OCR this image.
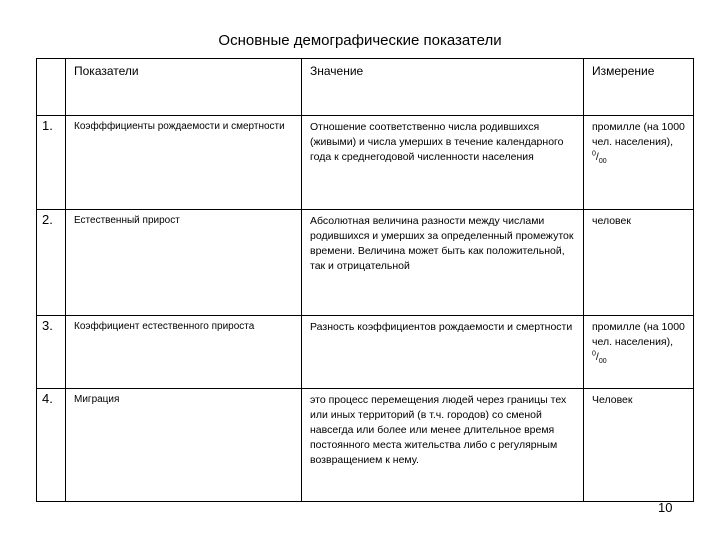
Основные демографические показатели

	Показатели	Значение	Измерение

1.	Коэфффициенты рождаемости и смертности	Отношение соответственно числа родившихся (живыми) и числа умерших в течение календарного года к среднегодовой численности населения	промилле (на 1000 чел. населения), $^0/_{00}$

2.	Естественный прирост	Абсолютная величина разности между числами родившихся и умерших за определенный промежуток времени. Величина может быть как положительной, так и отрицательной	человек

3.	Коэффициент естественного прироста	Разность коэффициентов рождаемости и смертности	промилле (на 1000 чел. населения), $^0/_{00}$

4.	Миграция	это процесс перемещения людей через границы тех или иных территорий (в т.ч. городов) со сменой навсегда или более или менее длительное время постоянного места жительства либо с регулярным возвращением к нему.	Человек
10
